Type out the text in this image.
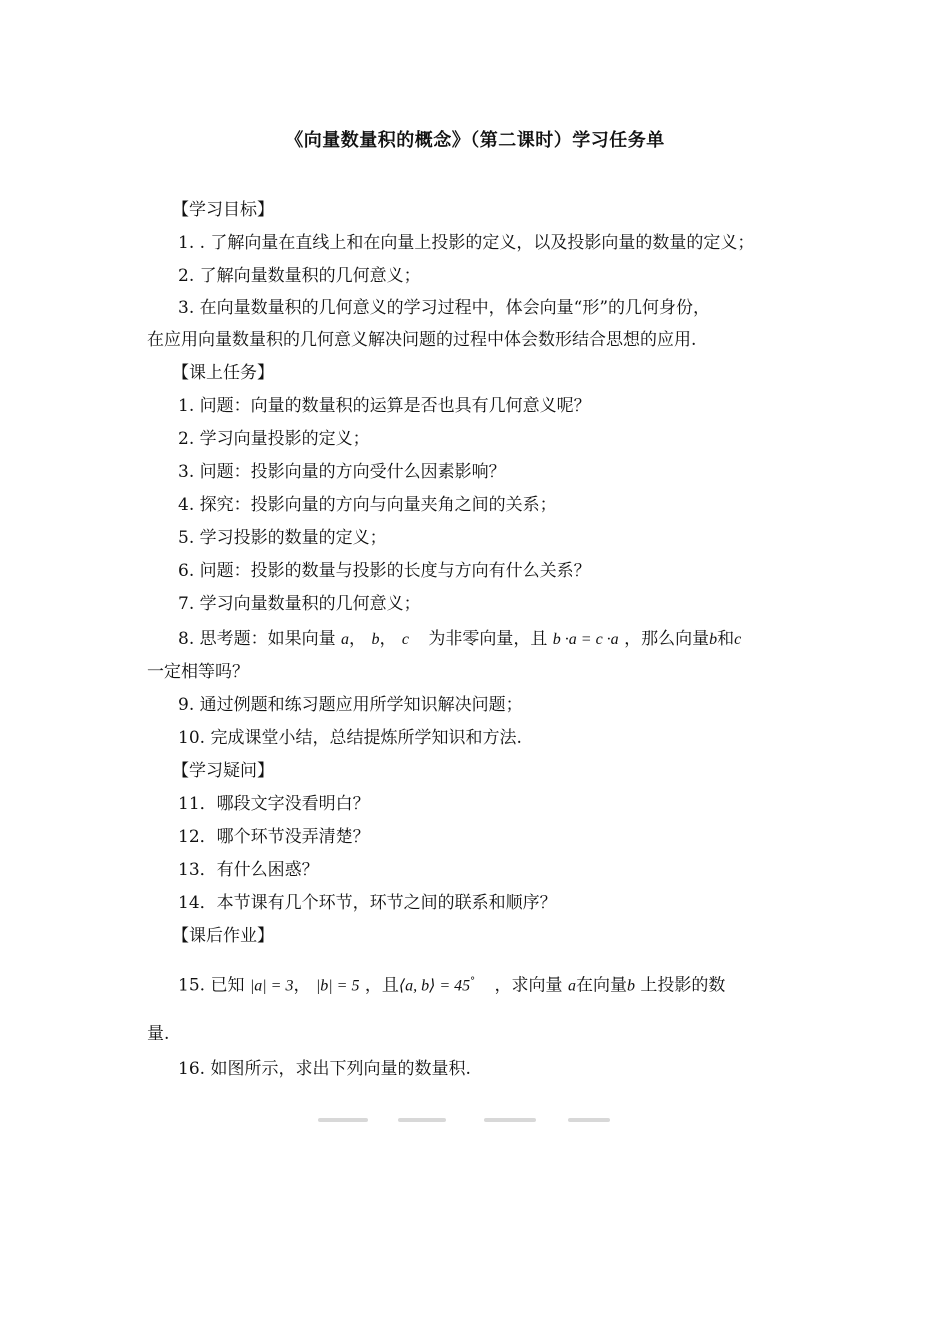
《向量数量积的概念》（第二课时）学习任务单
【学习目标】
1. . 了解向量在直线上和在向量上投影的定义，以及投影向量的数量的定义；
2. 了解向量数量积的几何意义；
3. 在向量数量积的几何意义的学习过程中，体会向量“形”的几何身份，
在应用向量数量积的几何意义解决问题的过程中体会数形结合思想的应用.
【课上任务】
1. 问题：向量的数量积的运算是否也具有几何意义呢？
2. 学习向量投影的定义；
3. 问题：投影向量的方向受什么因素影响？
4. 探究：投影向量的方向与向量夹角之间的关系；
5. 学习投影的数量的定义；
6. 问题：投影的数量与投影的长度与方向有什么关系？
7. 学习向量数量积的几何意义；
8. 思考题：如果向量 a， b， c 为非零向量，且 b ·a = c ·a ，那么向量b和c
一定相等吗？
9. 通过例题和练习题应用所学知识解决问题；
10. 完成课堂小结，总结提炼所学知识和方法.
【学习疑问】
11．哪段文字没看明白？
12．哪个环节没弄清楚？
13．有什么困惑？
14．本节课有几个环节，环节之间的联系和顺序？
【课后作业】
15. 已知 |a| = 3， |b| = 5 ，且⟨a, b⟩ = 45° ，求向量 a在向量b 上投影的数
量.
16. 如图所示，求出下列向量的数量积.
